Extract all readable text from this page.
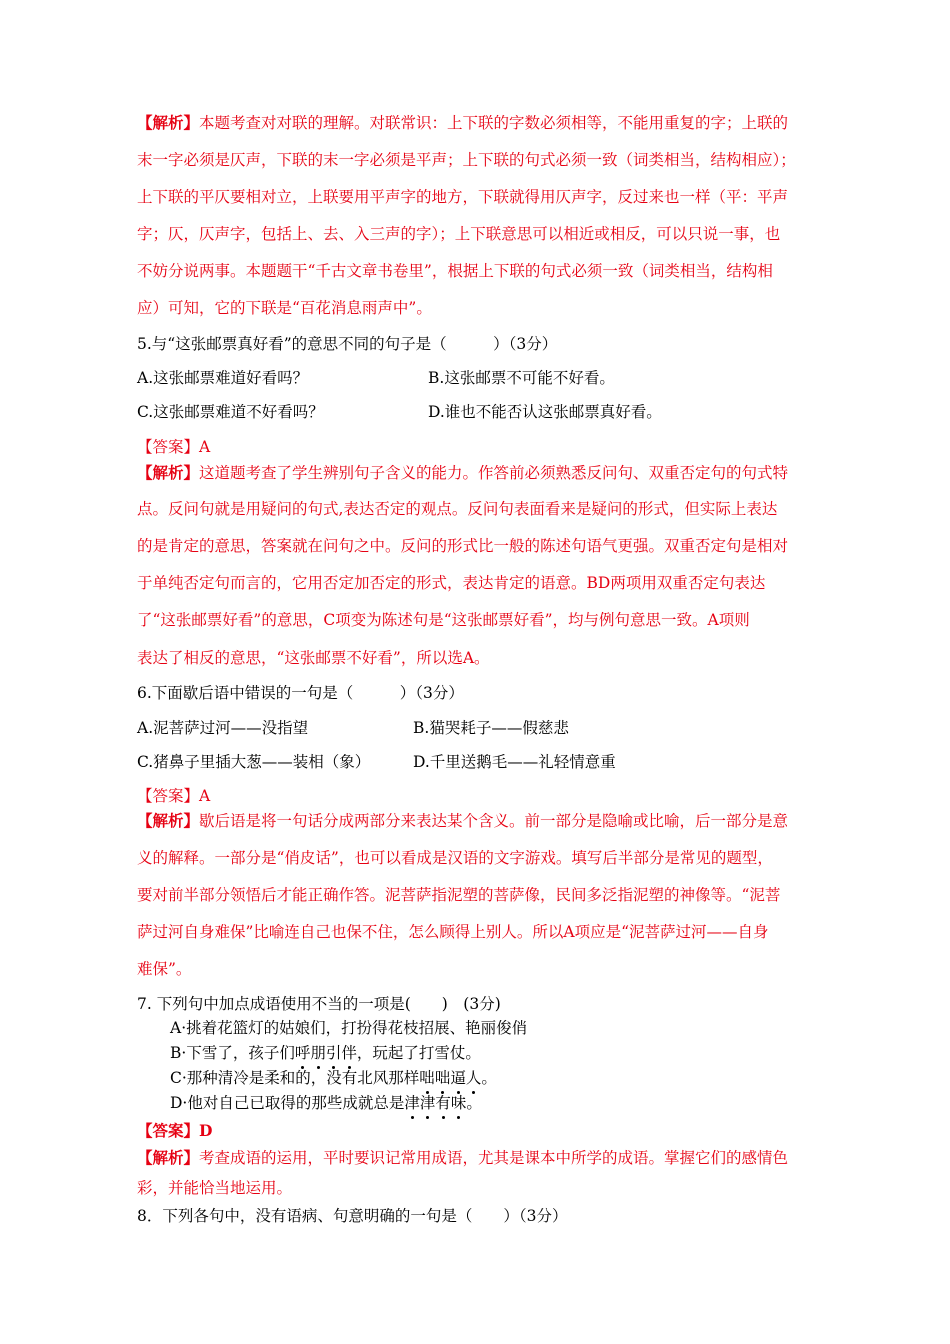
【解析】本题考查对对联的理解。对联常识：上下联的字数必须相等，不能用重复的字；上联的
末一字必须是仄声，下联的末一字必须是平声；上下联的句式必须一致（词类相当，结构相应）；
上下联的平仄要相对立，上联要用平声字的地方，下联就得用仄声字，反过来也一样（平：平声
字；仄，仄声字，包括上、去、入三声的字）；上下联意思可以相近或相反，可以只说一事，也
不妨分说两事。本题题干“千古文章书卷里”，根据上下联的句式必须一致（词类相当，结构相
应）可知，它的下联是“百花消息雨声中”。
5.与“这张邮票真好看”的意思不同的句子是（　　　）（3分）
A.这张邮票难道好看吗？	B.这张邮票不可能不好看。
C.这张邮票难道不好看吗？	D.谁也不能否认这张邮票真好看。
【答案】A
【解析】这道题考查了学生辨别句子含义的能力。作答前必须熟悉反问句、双重否定句的句式特
点。反问句就是用疑问的句式,表达否定的观点。反问句表面看来是疑问的形式，但实际上表达
的是肯定的意思，答案就在问句之中。反问的形式比一般的陈述句语气更强。双重否定句是相对
于单纯否定句而言的，它用否定加否定的形式，表达肯定的语意。BD两项用双重否定句表达
了“这张邮票好看”的意思，C项变为陈述句是“这张邮票好看”，均与例句意思一致。A项则
表达了相反的意思，“这张邮票不好看”，所以选A。
6.下面歇后语中错误的一句是（　　　）（3分）
A.泥菩萨过河——没指望	B.猫哭耗子——假慈悲
C.猪鼻子里插大葱——装相（象）	D.千里送鹅毛——礼轻情意重
【答案】A
【解析】歇后语是将一句话分成两部分来表达某个含义。前一部分是隐喻或比喻，后一部分是意
义的解释。一部分是“俏皮话”，也可以看成是汉语的文字游戏。填写后半部分是常见的题型，
要对前半部分领悟后才能正确作答。泥菩萨指泥塑的菩萨像，民间多泛指泥塑的神像等。“泥菩
萨过河自身难保”比喻连自己也保不住，怎么顾得上别人。所以A项应是“泥菩萨过河——自身
难保”。
7. 下列句中加点成语使用不当的一项是(　　)　(3分)
A·挑着花篮灯的姑娘们，打扮得花枝招展、艳丽俊俏
B·下雪了，孩子们呼朋引伴，玩起了打雪仗。
C·那种清冷是柔和的，没有北风那样咄咄逼人。
D·他对自己已取得的那些成就总是津津有味。
【答案】D
【解析】考查成语的运用，平时要识记常用成语，尤其是课本中所学的成语。掌握它们的感情色
彩，并能恰当地运用。
8．下列各句中，没有语病、句意明确的一句是（　　）（3分）
